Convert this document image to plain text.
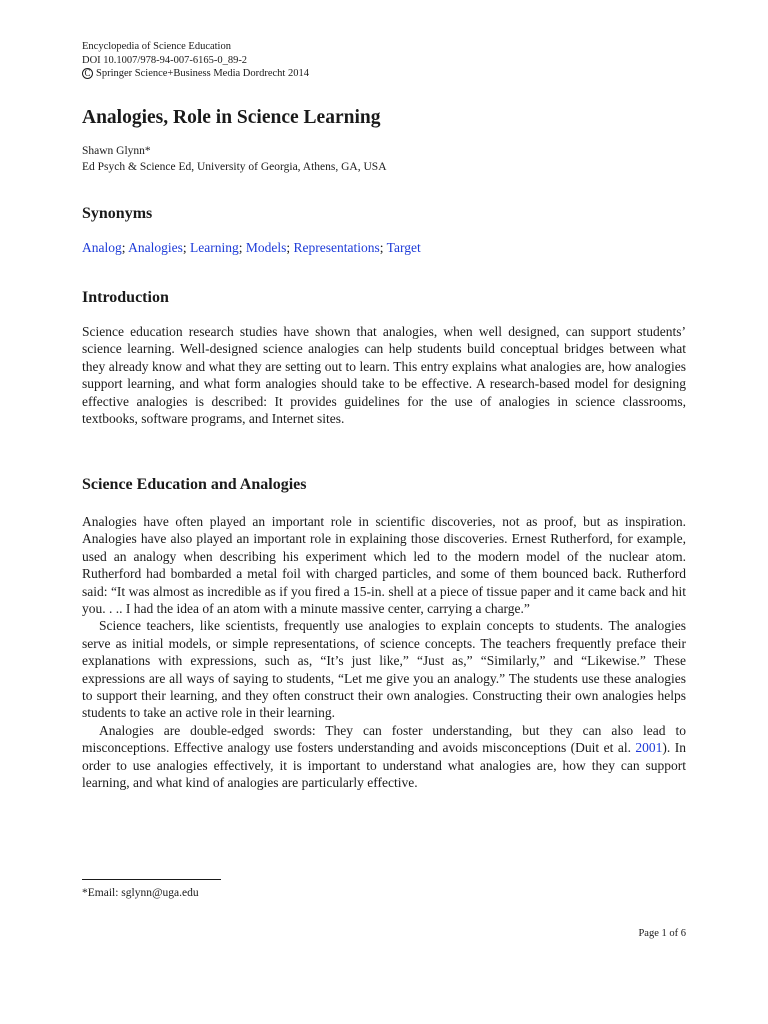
Encyclopedia of Science Education
DOI 10.1007/978-94-007-6165-0_89-2
C Springer Science+Business Media Dordrecht 2014
Analogies, Role in Science Learning
Shawn Glynn*
Ed Psych & Science Ed, University of Georgia, Athens, GA, USA
Synonyms
Analog; Analogies; Learning; Models; Representations; Target
Introduction

Science education research studies have shown that analogies, when well designed, can support students’ science learning. Well-designed science analogies can help students build conceptual bridges between what they already know and what they are setting out to learn. This entry explains what analogies are, how analogies support learning, and what form analogies should take to be effective. A research-based model for designing effective analogies is described: It provides guidelines for the use of analogies in science classrooms, textbooks, software programs, and Internet sites.

Science Education and Analogies

Analogies have often played an important role in scientific discoveries, not as proof, but as inspiration. Analogies have also played an important role in explaining those discoveries. Ernest Rutherford, for example, used an analogy when describing his experiment which led to the modern model of the nuclear atom. Rutherford had bombarded a metal foil with charged particles, and some of them bounced back. Rutherford said: “It was almost as incredible as if you fired a 15-in. shell at a piece of tissue paper and it came back and hit you. . .. I had the idea of an atom with a minute massive center, carrying a charge.”

Science teachers, like scientists, frequently use analogies to explain concepts to students. The analogies serve as initial models, or simple representations, of science concepts. The teachers frequently preface their explanations with expressions, such as, “It’s just like,” “Just as,” “Similarly,” and “Likewise.” These expressions are all ways of saying to students, “Let me give you an analogy.” The students use these analogies to support their learning, and they often construct their own analogies. Constructing their own analogies helps students to take an active role in their learning.

Analogies are double-edged swords: They can foster understanding, but they can also lead to misconceptions. Effective analogy use fosters understanding and avoids misconceptions (Duit et al. 2001). In order to use analogies effectively, it is important to understand what analogies are, how they can support learning, and what kind of analogies are particularly effective.

*Email: sglynn@uga.edu
Page 1 of 6
